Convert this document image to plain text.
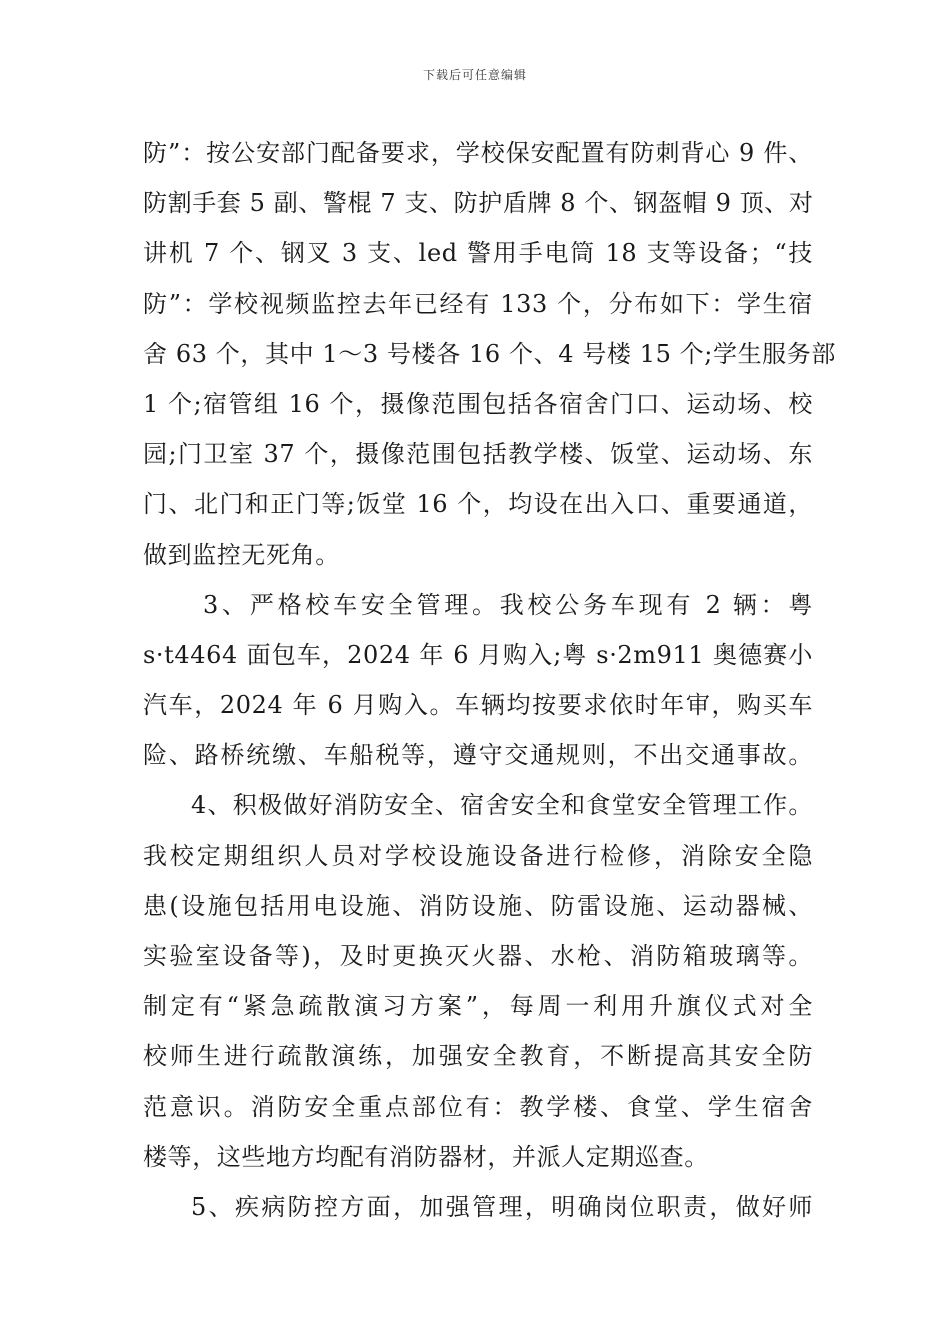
下载后可任意编辑
防”：按公安部门配备要求，学校保安配置有防刺背心 9 件、
防割手套 5 副、警棍 7 支、防护盾牌 8 个、钢盔帽 9 顶、对
讲机 7 个、钢叉 3 支、led 警用手电筒 18 支等设备；“技
防”：学校视频监控去年已经有 133 个，分布如下：学生宿
舍 63 个，其中 1～3 号楼各 16 个、4 号楼 15 个;学生服务部
1 个;宿管组 16 个，摄像范围包括各宿舍门口、运动场、校
园;门卫室 37 个，摄像范围包括教学楼、饭堂、运动场、东
门、北门和正门等;饭堂 16 个，均设在出入口、重要通道，
做到监控无死角。
3、严格校车安全管理。我校公务车现有 2 辆：粤
s·t4464 面包车，2024 年 6 月购入;粤 s·2m911 奥德赛小
汽车，2024 年 6 月购入。车辆均按要求依时年审，购买车
险、路桥统缴、车船税等，遵守交通规则，不出交通事故。
4、积极做好消防安全、宿舍安全和食堂安全管理工作。
我校定期组织人员对学校设施设备进行检修，消除安全隐
患(设施包括用电设施、消防设施、防雷设施、运动器械、
实验室设备等)，及时更换灭火器、水枪、消防箱玻璃等。
制定有“紧急疏散演习方案”，每周一利用升旗仪式对全
校师生进行疏散演练，加强安全教育，不断提高其安全防
范意识。消防安全重点部位有：教学楼、食堂、学生宿舍
楼等，这些地方均配有消防器材，并派人定期巡查。
5、疾病防控方面，加强管理，明确岗位职责，做好师
